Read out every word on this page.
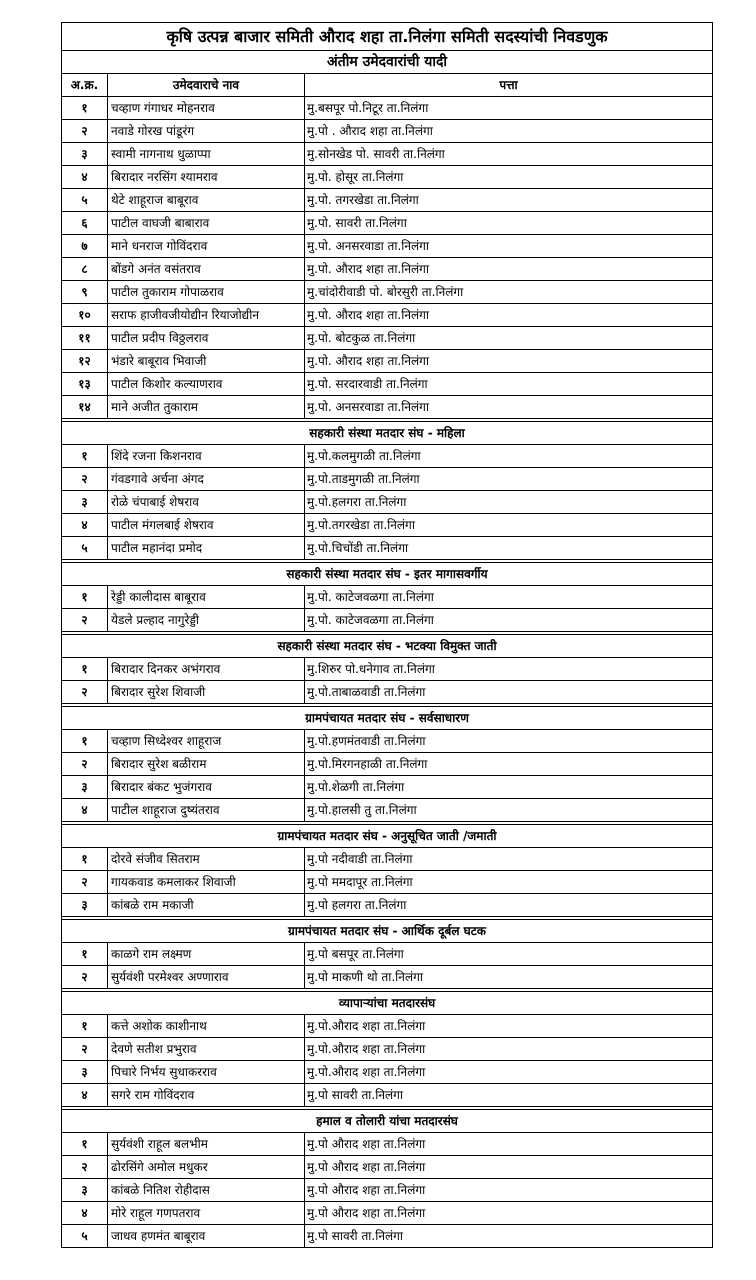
कृषि उत्पन्न बाजार समिती औराद शहा ता.निलंगा समिती सदस्यांची निवडणुक		
अंतीम उमेदवारांची यादी		
अ.क्र.	उमेदवाराचे नाव	पत्ता
१	चव्हाण गंगाधर मोहनराव	मु.बसपूर पो.निटूर ता.निलंगा
२	नवाडे गोरख पांडूरंग	मु.पो . औराद शहा ता.निलंगा
३	स्वामी नागनाथ धुळाप्पा	मु.सोनखेड पो. सावरी ता.निलंगा
४	बिरादार नरसिंग श्यामराव	मु.पो. होसूर ता.निलंगा
५	थेटे शाहूराज बाबूराव	मु.पो. तगरखेडा ता.निलंगा
६	पाटील वाघजी बाबाराव	मु.पो. सावरी ता.निलंगा
७	माने धनराज गोविंदराव	मु.पो. अनसरवाडा ता.निलंगा
८	बोंडगे अनंत वसंतराव	मु.पो. औराद शहा ता.निलंगा
९	पाटील तुकाराम गोपाळराव	मु.चांदोरीवाडी पो. बोरसुरी ता.निलंगा
१०	सराफ हाजीवजीयोद्यीन रियाजोद्यीन	मु.पो. औराद शहा ता.निलंगा
११	पाटील प्रदीप विठ्ठलराव	मु.पो. बोटकुळ ता.निलंगा
१२	भंडारे बाबूराव भिवाजी	मु.पो. औराद शहा ता.निलंगा
१३	पाटील किशोर कल्याणराव	मु.पो. सरदारवाडी ता.निलंगा
१४	माने अजीत तुकाराम	मु.पो. अनसरवाडा ता.निलंगा

सहकारी संस्था मतदार संघ - महिला		
१	शिंदे रजना किशनराव	मु.पो.कलमुगळी ता.निलंगा
२	गंवडगावे अर्चना अंगद	मु.पो.ताडमुगळी ता.निलंगा
३	रोळे चंपाबाई शेषराव	मु.पो.हलगरा ता.निलंगा
४	पाटील मंगलबाई शेषराव	मु.पो.तगरखेडा ता.निलंगा
५	पाटील महानंदा प्रमोद	मु.पो.चिचोंडी ता.निलंगा

सहकारी संस्था मतदार संघ - इतर मागासवर्गीय		
१	रेड्डी कालीदास बाबूराव	मु.पो. काटेजवळगा ता.निलंगा
२	येडले प्रल्हाद नागुरेड्डी	मु.पो. काटेजवळगा ता.निलंगा

सहकारी संस्था मतदार संघ - भटक्या विमुक्त जाती		
१	बिरादार दिनकर अभंगराव	मु.शिरुर पो.धनेगाव ता.निलंगा
२	बिरादार सुरेश शिवाजी	मु.पो.ताबाळवाडी ता.निलंगा

ग्रामपंचायत मतदार संघ - सर्वसाधारण		
१	चव्हाण सिध्देश्वर शाहूराज	मु.पो.हणमंतवाडी ता.निलंगा
२	बिरादार सुरेश बळीराम	मु.पो.मिरगनहाळी ता.निलंगा
३	बिरादार बंकट भुजंगराव	मु.पो.शेळगी ता.निलंगा
४	पाटील शाहूराज दुष्यंतराव	मु.पो.हालसी तु ता.निलंगा

ग्रामपंचायत मतदार संघ - अनुसूचित जाती /जमाती		
१	दोरवे संजीव सितराम	मु.पो नदीवाडी ता.निलंगा
२	गायकवाड कमलाकर शिवाजी	मु.पो ममदापूर ता.निलंगा
३	कांबळे राम मकाजी	मु.पो हलगरा ता.निलंगा

ग्रामपंचायत मतदार संघ - आर्थिक दूर्बल घटक		
१	काळगे राम लक्ष्मण	मु.पो बसपूर ता.निलंगा
२	सुर्यवंशी परमेश्वर अण्णाराव	मु.पो माकणी थो ता.निलंगा

व्यापाऱ्यांचा मतदारसंघ		
१	कत्ते अशोक काशीनाथ	मु.पो.औराद शहा ता.निलंगा
२	देवणे सतीश प्रभुराव	मु.पो.औराद शहा ता.निलंगा
३	पिचारे निर्भय सुधाकरराव	मु.पो.औराद शहा ता.निलंगा
४	सगरे राम गोविंदराव	मु.पो सावरी ता.निलंगा

हमाल व तोलारी यांचा मतदारसंघ		
१	सुर्यवंशी राहूल बलभीम	मु.पो औराद शहा ता.निलंगा
२	ढोरसिंगे अमोल मधुकर	मु.पो औराद शहा ता.निलंगा
३	कांबळे नितिश रोहीदास	मु.पो औराद शहा ता.निलंगा
४	मोरे राहूल गणपतराव	मु.पो औराद शहा ता.निलंगा
५	जाधव हणमंत बाबूराव	मु.पो सावरी ता.निलंगा
